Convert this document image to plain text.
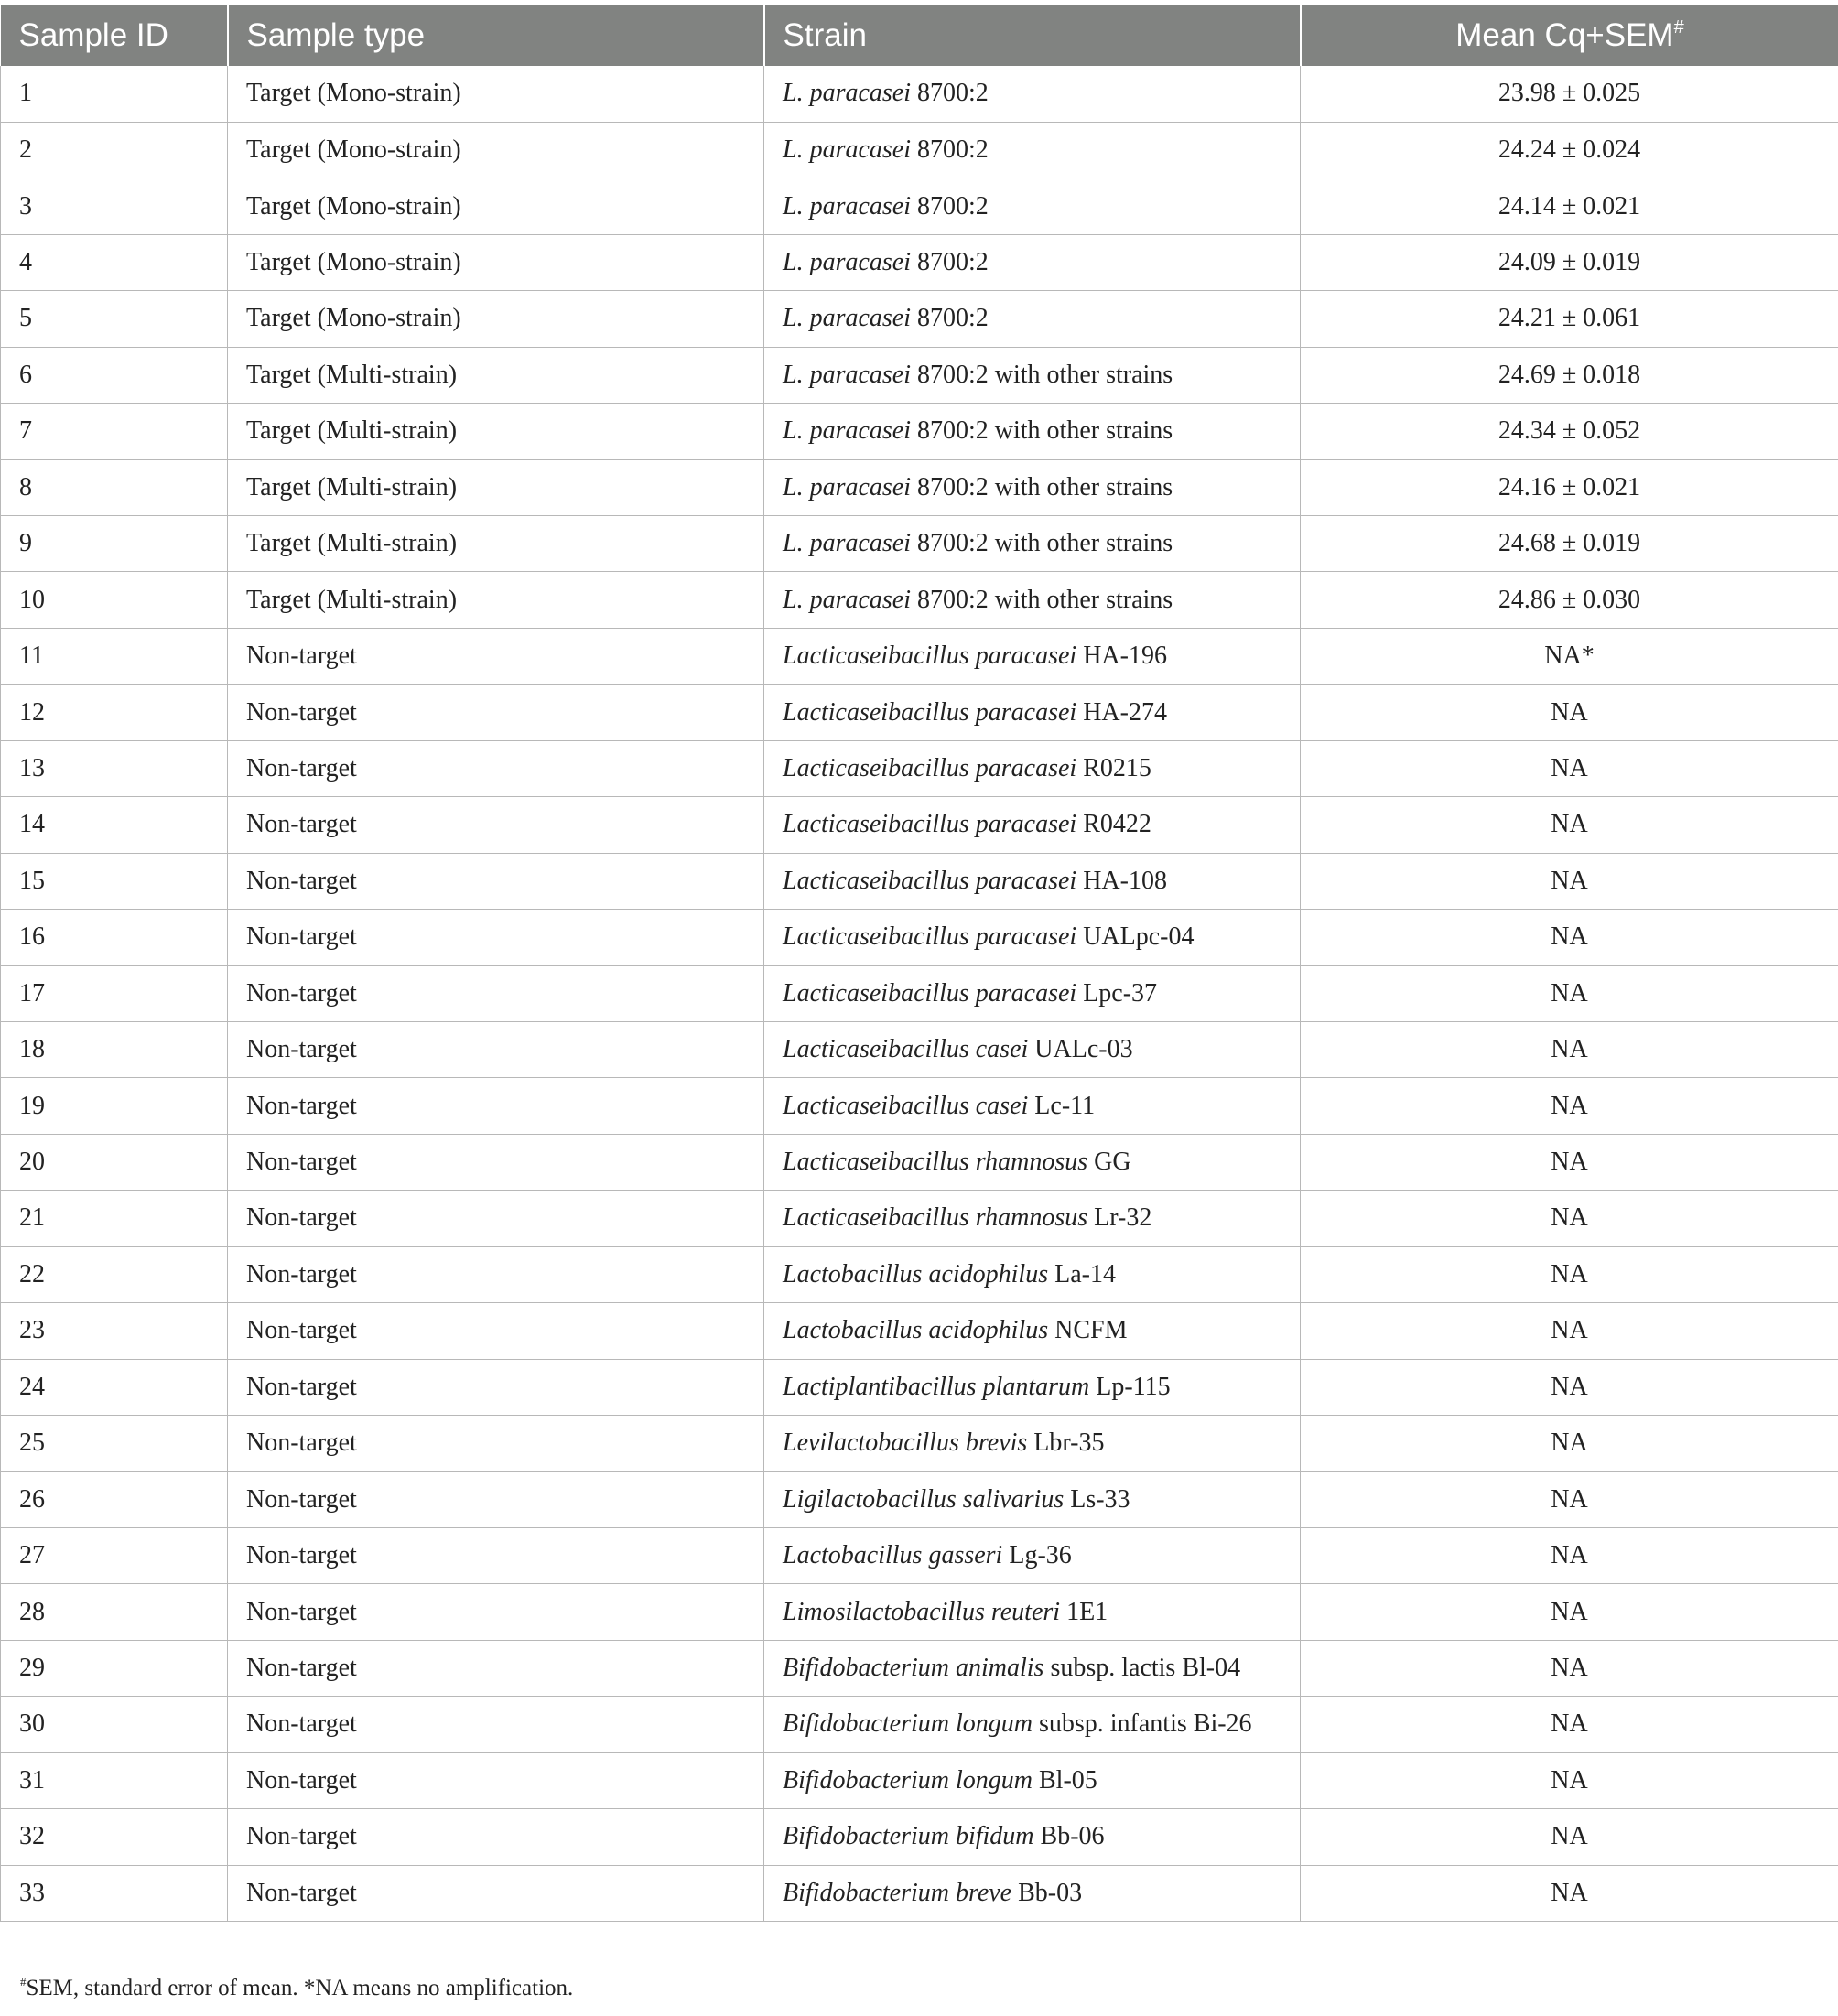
Sample ID	Sample type	Strain	Mean Cq+SEM#
1	Target (Mono-strain)	L. paracasei 8700:2	23.98 ± 0.025
2	Target (Mono-strain)	L. paracasei 8700:2	24.24 ± 0.024
3	Target (Mono-strain)	L. paracasei 8700:2	24.14 ± 0.021
4	Target (Mono-strain)	L. paracasei 8700:2	24.09 ± 0.019
5	Target (Mono-strain)	L. paracasei 8700:2	24.21 ± 0.061
6	Target (Multi-strain)	L. paracasei 8700:2 with other strains	24.69 ± 0.018
7	Target (Multi-strain)	L. paracasei 8700:2 with other strains	24.34 ± 0.052
8	Target (Multi-strain)	L. paracasei 8700:2 with other strains	24.16 ± 0.021
9	Target (Multi-strain)	L. paracasei 8700:2 with other strains	24.68 ± 0.019
10	Target (Multi-strain)	L. paracasei 8700:2 with other strains	24.86 ± 0.030
11	Non-target	Lacticaseibacillus paracasei HA-196	NA*
12	Non-target	Lacticaseibacillus paracasei HA-274	NA
13	Non-target	Lacticaseibacillus paracasei R0215	NA
14	Non-target	Lacticaseibacillus paracasei R0422	NA
15	Non-target	Lacticaseibacillus paracasei HA-108	NA
16	Non-target	Lacticaseibacillus paracasei UALpc-04	NA
17	Non-target	Lacticaseibacillus paracasei Lpc-37	NA
18	Non-target	Lacticaseibacillus casei UALc-03	NA
19	Non-target	Lacticaseibacillus casei Lc-11	NA
20	Non-target	Lacticaseibacillus rhamnosus GG	NA
21	Non-target	Lacticaseibacillus rhamnosus Lr-32	NA
22	Non-target	Lactobacillus acidophilus La-14	NA
23	Non-target	Lactobacillus acidophilus NCFM	NA
24	Non-target	Lactiplantibacillus plantarum Lp-115	NA
25	Non-target	Levilactobacillus brevis Lbr-35	NA
26	Non-target	Ligilactobacillus salivarius Ls-33	NA
27	Non-target	Lactobacillus gasseri Lg-36	NA
28	Non-target	Limosilactobacillus reuteri 1E1	NA
29	Non-target	Bifidobacterium animalis subsp. lactis Bl-04	NA
30	Non-target	Bifidobacterium longum subsp. infantis Bi-26	NA
31	Non-target	Bifidobacterium longum Bl-05	NA
32	Non-target	Bifidobacterium bifidum Bb-06	NA
33	Non-target	Bifidobacterium breve Bb-03	NA
#SEM, standard error of mean. *NA means no amplification.
